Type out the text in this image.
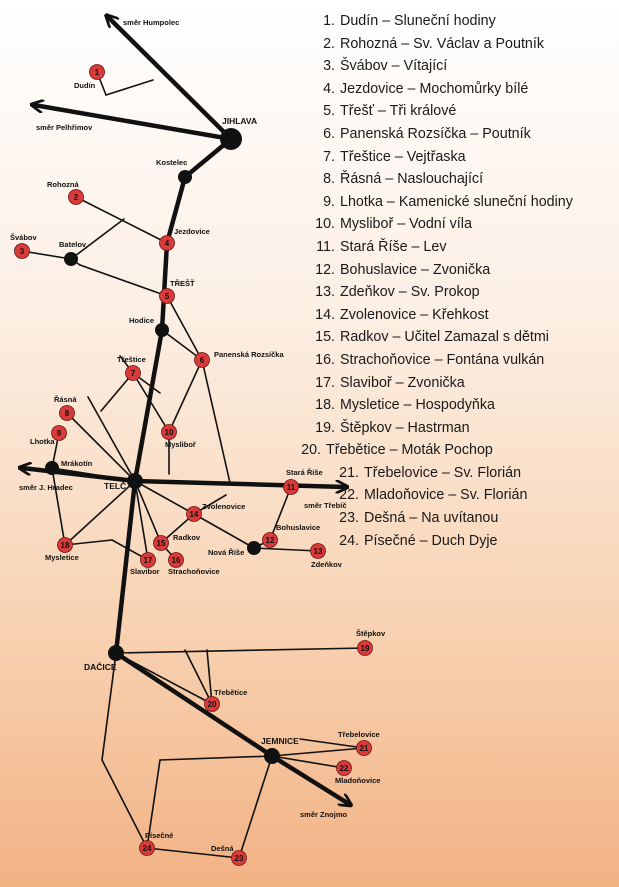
1
2
3
4
5
6
7
8
9	10
11
12
13
14
15
16
17
18
19
20
21
22
23
24
JIHLAVA
Dudín
Rohozná
Švábov
Batelov
Kostelec
Jezdovice
TŘEŠŤ
Hodice
Panenská Rozsíčka
Třeštice
Řásná
Lhotka
Mrákotín
Mysliboř
TELČ
Stará Říše
Zvolenovice
Bohuslavice
Radkov
Nová Říše
Zdeňkov
Mysletice
Slavibor Strachoňovice
Štěpkov
DAČICE
Třebětice
JEMNICE
Třebelovice
Mladoňovice
Písečné
Dešná
směr Humpolec
směr Pelhřimov
směr J. Hradec
směr Třebíč
směr Znojmo
1. Dudín – Sluneční hodiny
2. Rohozná – Sv. Václav a Poutník
3. Švábov – Vítající
4. Jezdovice – Mochomůrky bílé
5. Třešť – Tři králové
6. Panenská Rozsíčka – Poutník
7. Třeštice – Vejtřaska
8. Řásná – Naslouchající
9. Lhotka – Kamenické sluneční hodiny
10. Mysliboř – Vodní víla
11. Stará Říše – Lev
12. Bohuslavice – Zvonička
13. Zdeňkov – Sv. Prokop
14. Zvolenovice – Křehkost
15. Radkov – Učitel Zamazal s dětmi
16. Strachoňovice – Fontána vulkán
17. Slaviboř – Zvonička
18. Mysletice – Hospodyňka
19. Štěpkov – Hastrman
20. Třebětice – Moták Pochop
21. Třebelovice – Sv. Florián
22. Mladoňovice – Sv. Florián
23. Dešná – Na uvítanou
24. Písečné – Duch Dyje
